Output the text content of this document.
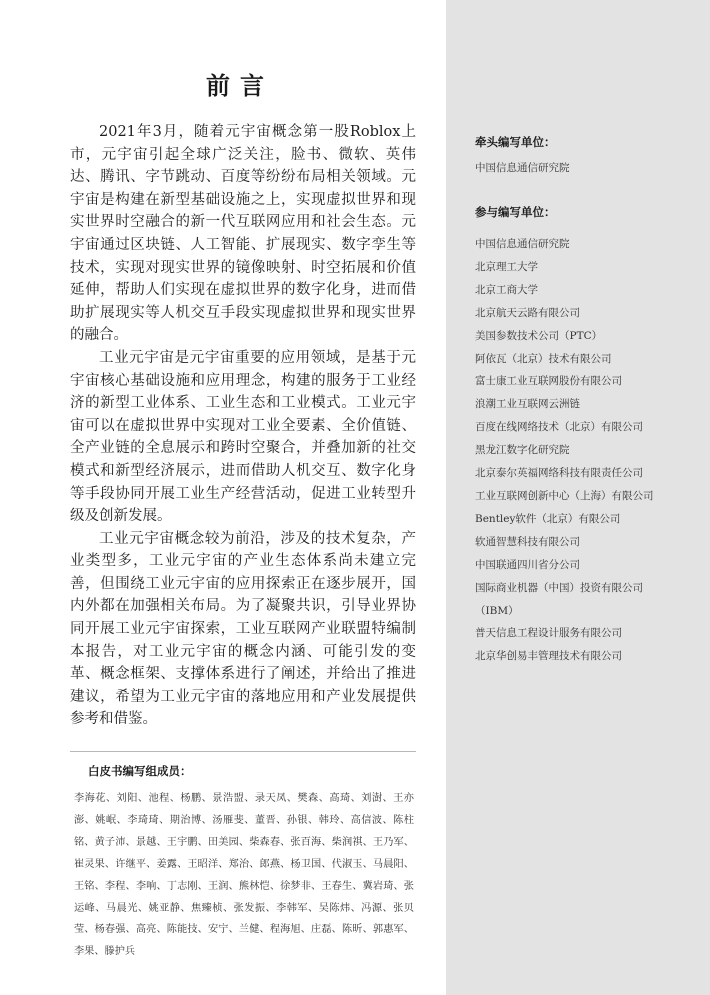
前言

2021年3月，随着元宇宙概念第一股Roblox上市，元宇宙引起全球广泛关注，脸书、微软、英伟达、腾讯、字节跳动、百度等纷纷布局相关领域。元宇宙是构建在新型基础设施之上，实现虚拟世界和现实世界时空融合的新一代互联网应用和社会生态。元宇宙通过区块链、人工智能、扩展现实、数字孪生等技术，实现对现实世界的镜像映射、时空拓展和价值延伸，帮助人们实现在虚拟世界的数字化身，进而借助扩展现实等人机交互手段实现虚拟世界和现实世界的融合。

工业元宇宙是元宇宙重要的应用领域，是基于元宇宙核心基础设施和应用理念，构建的服务于工业经济的新型工业体系、工业生态和工业模式。工业元宇宙可以在虚拟世界中实现对工业全要素、全价值链、全产业链的全息展示和跨时空聚合，并叠加新的社交模式和新型经济展示，进而借助人机交互、数字化身等手段协同开展工业生产经营活动，促进工业转型升级及创新发展。

工业元宇宙概念较为前沿，涉及的技术复杂，产业类型多，工业元宇宙的产业生态体系尚未建立完善，但围绕工业元宇宙的应用探索正在逐步展开，国内外都在加强相关布局。为了凝聚共识，引导业界协同开展工业元宇宙探索，工业互联网产业联盟特编制本报告，对工业元宇宙的概念内涵、可能引发的变革、概念框架、支撑体系进行了阐述，并给出了推进建议，希望为工业元宇宙的落地应用和产业发展提供参考和借鉴。

白皮书编写组成员：

李海花、刘阳、池程、杨鹏、景浩盟、录天凤、樊森、高琦、刘澍、王亦澎、姚岷、李琦琦、期治博、汤雁斐、董晋、孙银、韩玲、高信波、陈柱铭、黄子沛、景越、王宇鹏、田美园、柴森春、张百海、柴润祺、王乃军、崔灵果、许继平、姜露、王昭洋、郑治、郎燕、杨卫国、代淑玉、马晨阳、王铭、李程、李响、丁志刚、王润、熊林恺、徐梦非、王春生、冀岩琦、张运峰、马晨光、姚亚静、焦臻桢、张发振、李韩军、吴陈炜、冯源、张贝莹、杨春强、高亮、陈能技、安宁、兰健、程海旭、庄磊、陈昕、郭惠军、李果、滕护兵

牵头编写单位：

中国信息通信研究院

参与编写单位：
中国信息通信研究院
北京理工大学
北京工商大学
北京航天云路有限公司
美国参数技术公司（PTC）
阿依瓦（北京）技术有限公司
富士康工业互联网股份有限公司
浪潮工业互联网云洲链
百度在线网络技术（北京）有限公司
黑龙江数字化研究院
北京泰尔英福网络科技有限责任公司
工业互联网创新中心（上海）有限公司
Bentley软件（北京）有限公司
软通智慧科技有限公司
中国联通四川省分公司
国际商业机器（中国）投资有限公司
（IBM）
普天信息工程设计服务有限公司
北京华创易丰管理技术有限公司
